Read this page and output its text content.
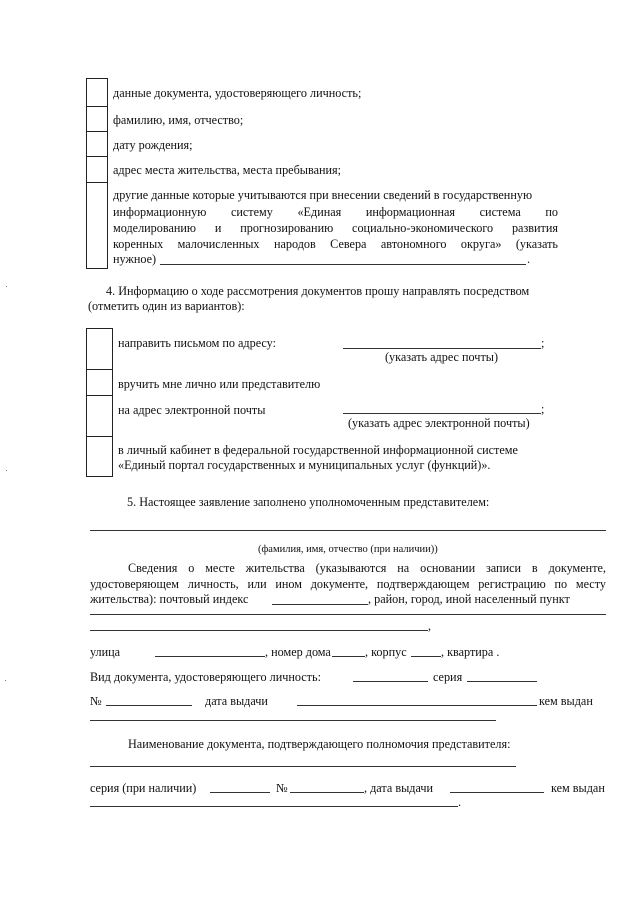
данные документа, удостоверяющего личность;
фамилию, имя, отчество;
дату рождения;
адрес места жительства, места пребывания;
другие данные которые учитываются при внесении сведений в государственную
информационную систему «Единая информационная система по
моделированию и прогнозированию социально-экономического развития
коренных малочисленных народов Севера автономного округа» (указать
нужное)	.
4. Информацию о ходе рассмотрения документов прошу направлять посредством
(отметить один из вариантов):
направить письмом по адресу:	;
(указать адрес почты)
вручить мне лично или представителю
на адрес электронной почты	;
(указать адрес электронной почты)
в личный кабинет в федеральной государственной информационной системе
«Единый портал государственных и муниципальных услуг (функций)».
5. Настоящее заявление заполнено уполномоченным представителем:
(фамилия, имя, отчество (при наличии))
Сведения о месте жительства (указываются на основании записи в документе,
удостоверяющем личность, или ином документе, подтверждающем регистрацию по месту
жительства): почтовый индекс	, район, город, иной населенный пункт
,
улица	, номер дома	, корпус	, квартира .
Вид документа, удостоверяющего личность:	серия
№	дата выдачи	кем выдан
Наименование документа, подтверждающего полномочия представителя:
серия (при наличии)	№	, дата выдачи	кем выдан
.
